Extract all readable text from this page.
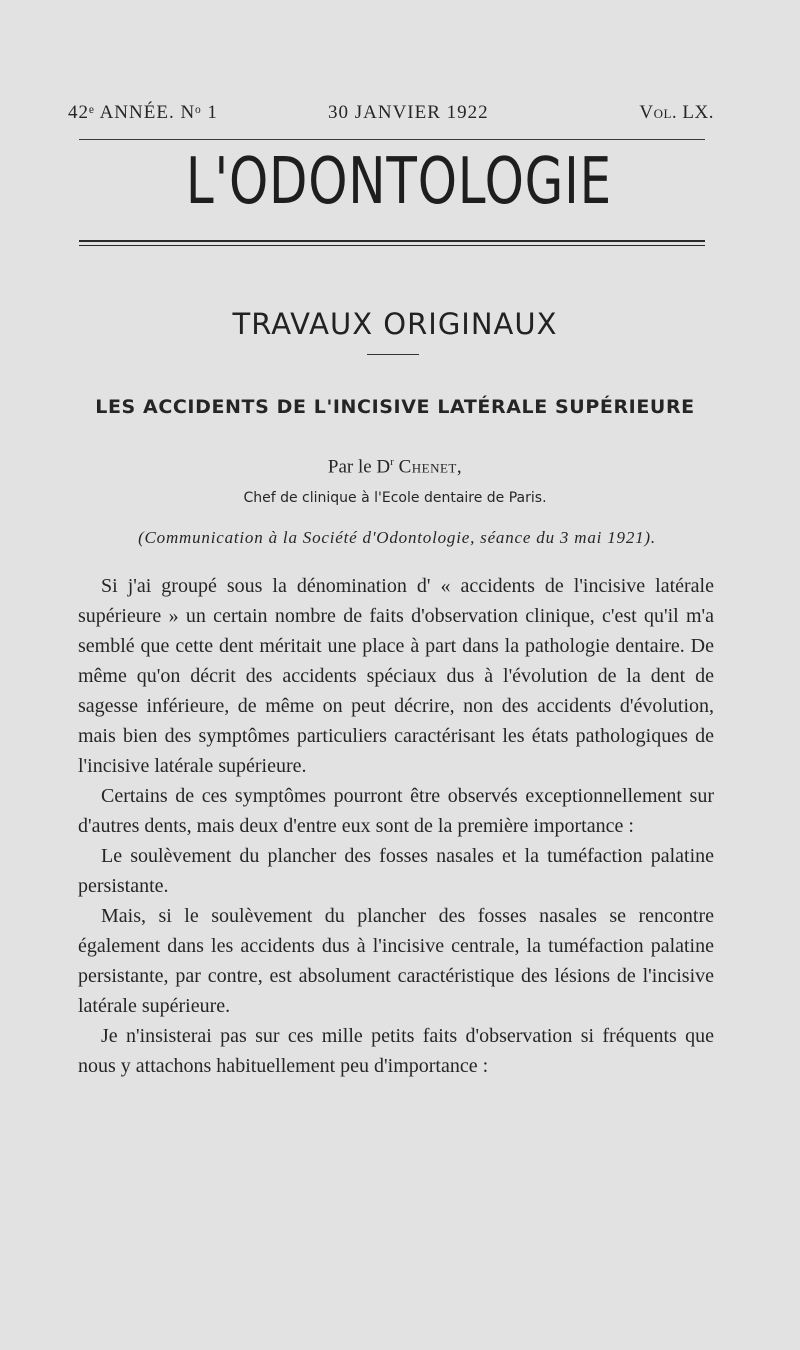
42ᵉ ANNÉE. Nᵒ 1	30 JANVIER 1922	Vol. LX.
L'ODONTOLOGIE
TRAVAUX ORIGINAUX
LES ACCIDENTS DE L'INCISIVE LATÉRALE SUPÉRIEURE
Par le $D^r$ Chenet,
Chef de clinique à l'Ecole dentaire de Paris.
(Communication à la Société d'Odontologie, séance du 3 mai 1921).

Si j'ai groupé sous la dénomination d' « accidents de l'incisive latérale supérieure » un certain nombre de faits d'observation clinique, c'est qu'il m'a semblé que cette dent méritait une place à part dans la pathologie dentaire. De même qu'on décrit des accidents spéciaux dus à l'évolution de la dent de sagesse inférieure, de même on peut décrire, non des accidents d'évolution, mais bien des symptômes particuliers caractérisant les états pathologiques de l'incisive latérale supérieure.

Certains de ces symptômes pourront être observés exceptionnellement sur d'autres dents, mais deux d'entre eux sont de la première importance :

Le soulèvement du plancher des fosses nasales et la tuméfaction palatine persistante.

Mais, si le soulèvement du plancher des fosses nasales se rencontre également dans les accidents dus à l'incisive centrale, la tuméfaction palatine persistante, par contre, est absolument caractéristique des lésions de l'incisive latérale supérieure.

Je n'insisterai pas sur ces mille petits faits d'observation si fréquents que nous y attachons habituellement peu d'importance :
